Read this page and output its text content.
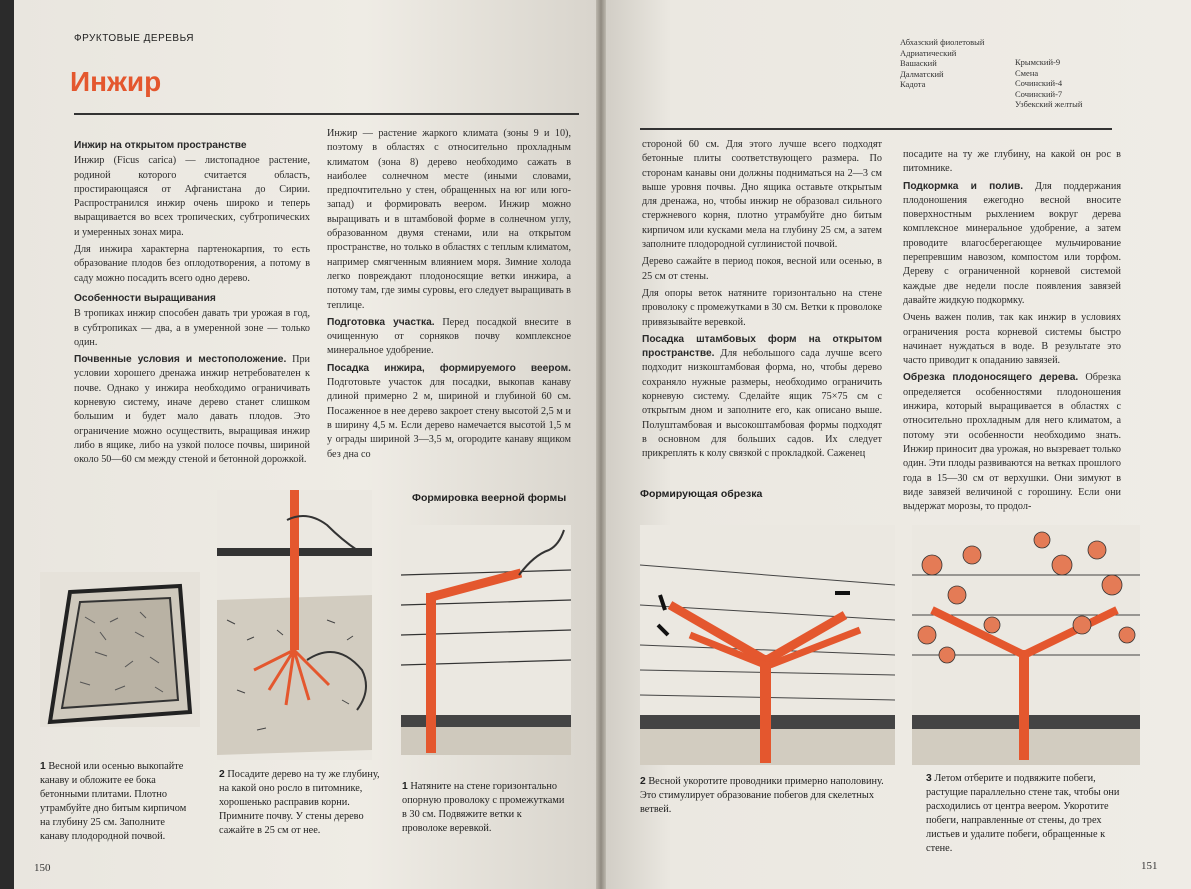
ФРУКТОВЫЕ ДЕРЕВЬЯ
Инжир
Инжир на открытом пространстве

Инжир (Ficus carica) — листопадное растение, родиной которого считается область, простирающаяся от Афганистана до Сирии. Распространился инжир очень широко и теперь выращивается во всех тропических, субтропических и умеренных зонах мира.

Для инжира характерна партенокарпия, то есть образование плодов без оплодотворения, а потому в саду можно посадить всего одно дерево.

Особенности выращивания

В тропиках инжир способен давать три урожая в год, в субтропиках — два, а в умеренной зоне — только один.

Почвенные условия и местоположение. При условии хорошего дренажа инжир нетребователен к почве. Однако у инжира необходимо ограничивать корневую систему, иначе дерево станет слишком большим и будет мало давать плодов. Это ограничение можно осуществить, выращивая инжир либо в ящике, либо на узкой полосе почвы, шириной около 50—60 см между стеной и бетонной дорожкой.

Инжир — растение жаркого климата (зоны 9 и 10), поэтому в областях с относительно прохладным климатом (зона 8) дерево необходимо сажать в наиболее солнечном месте (иными словами, предпочтительно у стен, обращенных на юг или юго-запад) и формировать веером. Инжир можно выращивать и в штамбовой форме в солнечном углу, образованном двумя стенами, или на открытом пространстве, но только в областях с теплым климатом, например смягченным влиянием моря. Зимние холода легко повреждают плодоносящие ветки инжира, а потому там, где зимы суровы, его следует выращивать в теплице.

Подготовка участка. Перед посадкой внесите в очищенную от сорняков почву комплексное минеральное удобрение.

Посадка инжира, формируемого веером. Подготовьте участок для посадки, выкопав канаву длиной примерно 2 м, шириной и глубиной 60 см. Посаженное в нее дерево закроет стену высотой 2,5 м и в ширину 4,5 м. Если дерево намечается высотой 1,5 м у ограды шириной 3—3,5 м, огородите канаву ящиком без дна со

Формировка веерной формы
1 Весной или осенью выкопайте канаву и обложите ее бока бетонными плитами. Плотно утрамбуйте дно битым кирпичом на глубину 25 см. Заполните канаву плодородной почвой.
2 Посадите дерево на ту же глубину, на какой оно росло в питомнике, хорошенько расправив корни. Примните почву. У стены дерево сажайте в 25 см от нее.
1 Натяните на стене горизонтально опорную проволоку с промежутками в 30 см. Подвяжите ветки к проволоке веревкой.
150
Абхазский фиолетовый
Адриатический
Вашаский
Далматский
Кадота
Крымский-9
Смена
Сочинский-4
Сочинский-7
Узбекский желтый

стороной 60 см. Для этого лучше всего подходят бетонные плиты соответствующего размера. По сторонам канавы они должны подниматься на 2—3 см выше уровня почвы. Дно ящика оставьте открытым для дренажа, но, чтобы инжир не образовал сильного стержневого корня, плотно утрамбуйте дно битым кирпичом или кусками мела на глубину 25 см, а затем заполните плодородной суглинистой почвой.

Дерево сажайте в период покоя, весной или осенью, в 25 см от стены.

Для опоры веток натяните горизонтально на стене проволоку с промежутками в 30 см. Ветки к проволоке привязывайте веревкой.

Посадка штамбовых форм на открытом пространстве. Для небольшого сада лучше всего подходит низкоштамбовая форма, но, чтобы дерево сохраняло нужные размеры, необходимо ограничить корневую систему. Сделайте ящик 75×75 см с открытым дном и заполните его, как описано выше. Полуштамбовая и высокоштамбовая формы подходят в основном для больших садов. Их следует прикреплять к колу связкой с прокладкой. Саженец

посадите на ту же глубину, на какой он рос в питомнике.

Подкормка и полив. Для поддержания плодоношения ежегодно весной вносите поверхностным рыхлением вокруг дерева комплексное минеральное удобрение, а затем проводите влагосберегающее мульчирование перепревшим навозом, компостом или торфом. Дереву с ограниченной корневой системой каждые две недели после появления завязей давайте жидкую подкормку.

Очень важен полив, так как инжир в условиях ограничения роста корневой системы быстро начинает нуждаться в воде. В результате это часто приводит к опаданию завязей.

Обрезка плодоносящего дерева. Обрезка определяется особенностями плодоношения инжира, который выращивается в областях с относительно прохладным для него климатом, а потому эти особенности необходимо знать. Инжир приносит два урожая, но вызревает только один. Эти плоды развиваются на ветках прошлого года в 15—30 см от верхушки. Они зимуют в виде завязей величиной с горошину. Если они выдержат морозы, то продол-

Формирующая обрезка
2 Весной укоротите проводники примерно наполовину. Это стимулирует образование побегов для скелетных ветвей.
3 Летом отберите и подвяжите побеги, растущие параллельно стене так, чтобы они расходились от центра веером. Укоротите побеги, направленные от стены, до трех листьев и удалите побеги, обращенные к стене.
151
